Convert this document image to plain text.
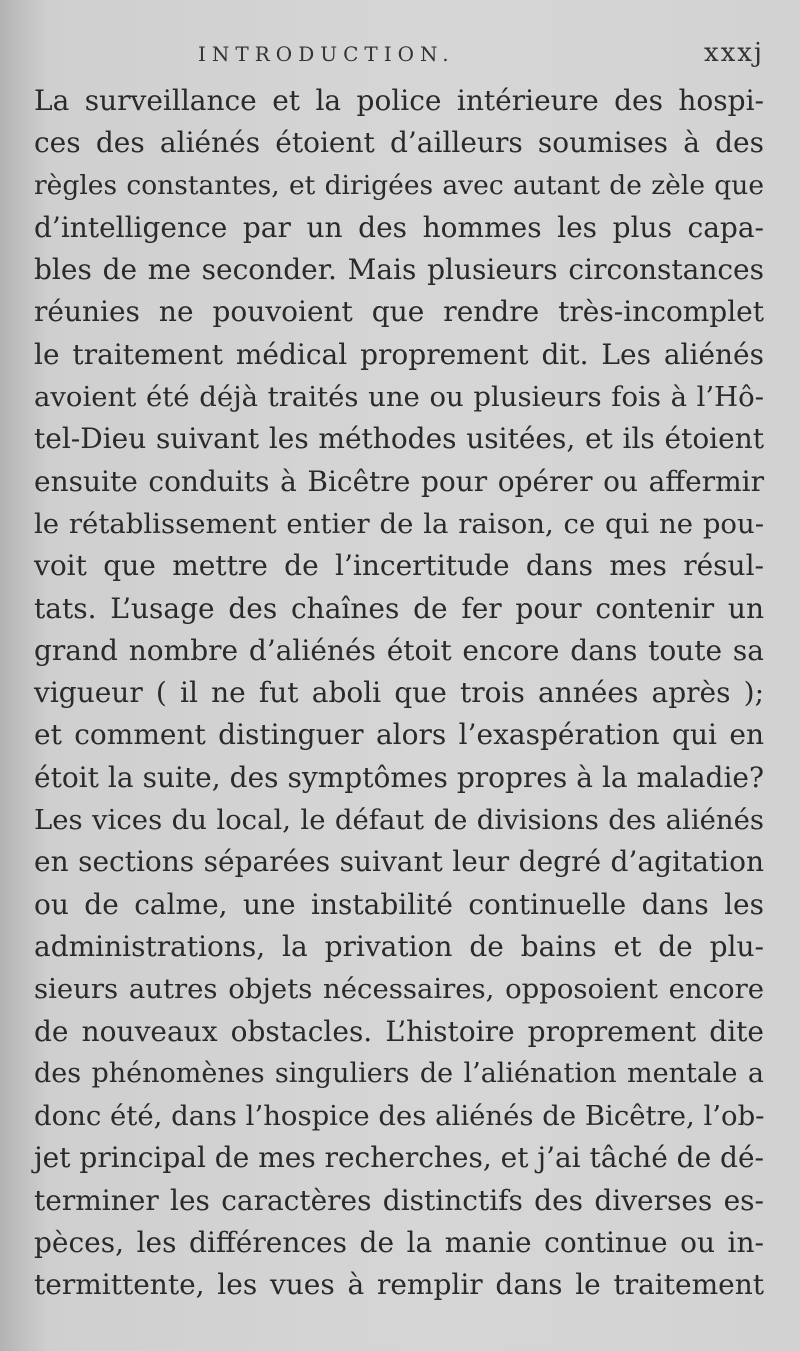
INTRODUCTION.	xxxj
La surveillance et la police intérieure des hospi-
ces des aliénés étoient d’ailleurs soumises à des
règles constantes, et dirigées avec autant de zèle que
d’intelligence par un des hommes les plus capa-
bles de me seconder. Mais plusieurs circonstances
réunies ne pouvoient que rendre très-incomplet
le traitement médical proprement dit. Les aliénés
avoient été déjà traités une ou plusieurs fois à l’Hô-
tel-Dieu suivant les méthodes usitées, et ils étoient
ensuite conduits à Bicêtre pour opérer ou affermir
le rétablissement entier de la raison, ce qui ne pou-
voit que mettre de l’incertitude dans mes résul-
tats. L’usage des chaînes de fer pour contenir un
grand nombre d’aliénés étoit encore dans toute sa
vigueur ( il ne fut aboli que trois années après );
et comment distinguer alors l’exaspération qui en
étoit la suite, des symptômes propres à la maladie?
Les vices du local, le défaut de divisions des aliénés
en sections séparées suivant leur degré d’agitation
ou de calme, une instabilité continuelle dans les
administrations, la privation de bains et de plu-
sieurs autres objets nécessaires, opposoient encore
de nouveaux obstacles. L’histoire proprement dite
des phénomènes singuliers de l’aliénation mentale a
donc été, dans l’hospice des aliénés de Bicêtre, l’ob-
jet principal de mes recherches, et j’ai tâché de dé-
terminer les caractères distinctifs des diverses es-
pèces, les différences de la manie continue ou in-
termittente, les vues à remplir dans le traitement
